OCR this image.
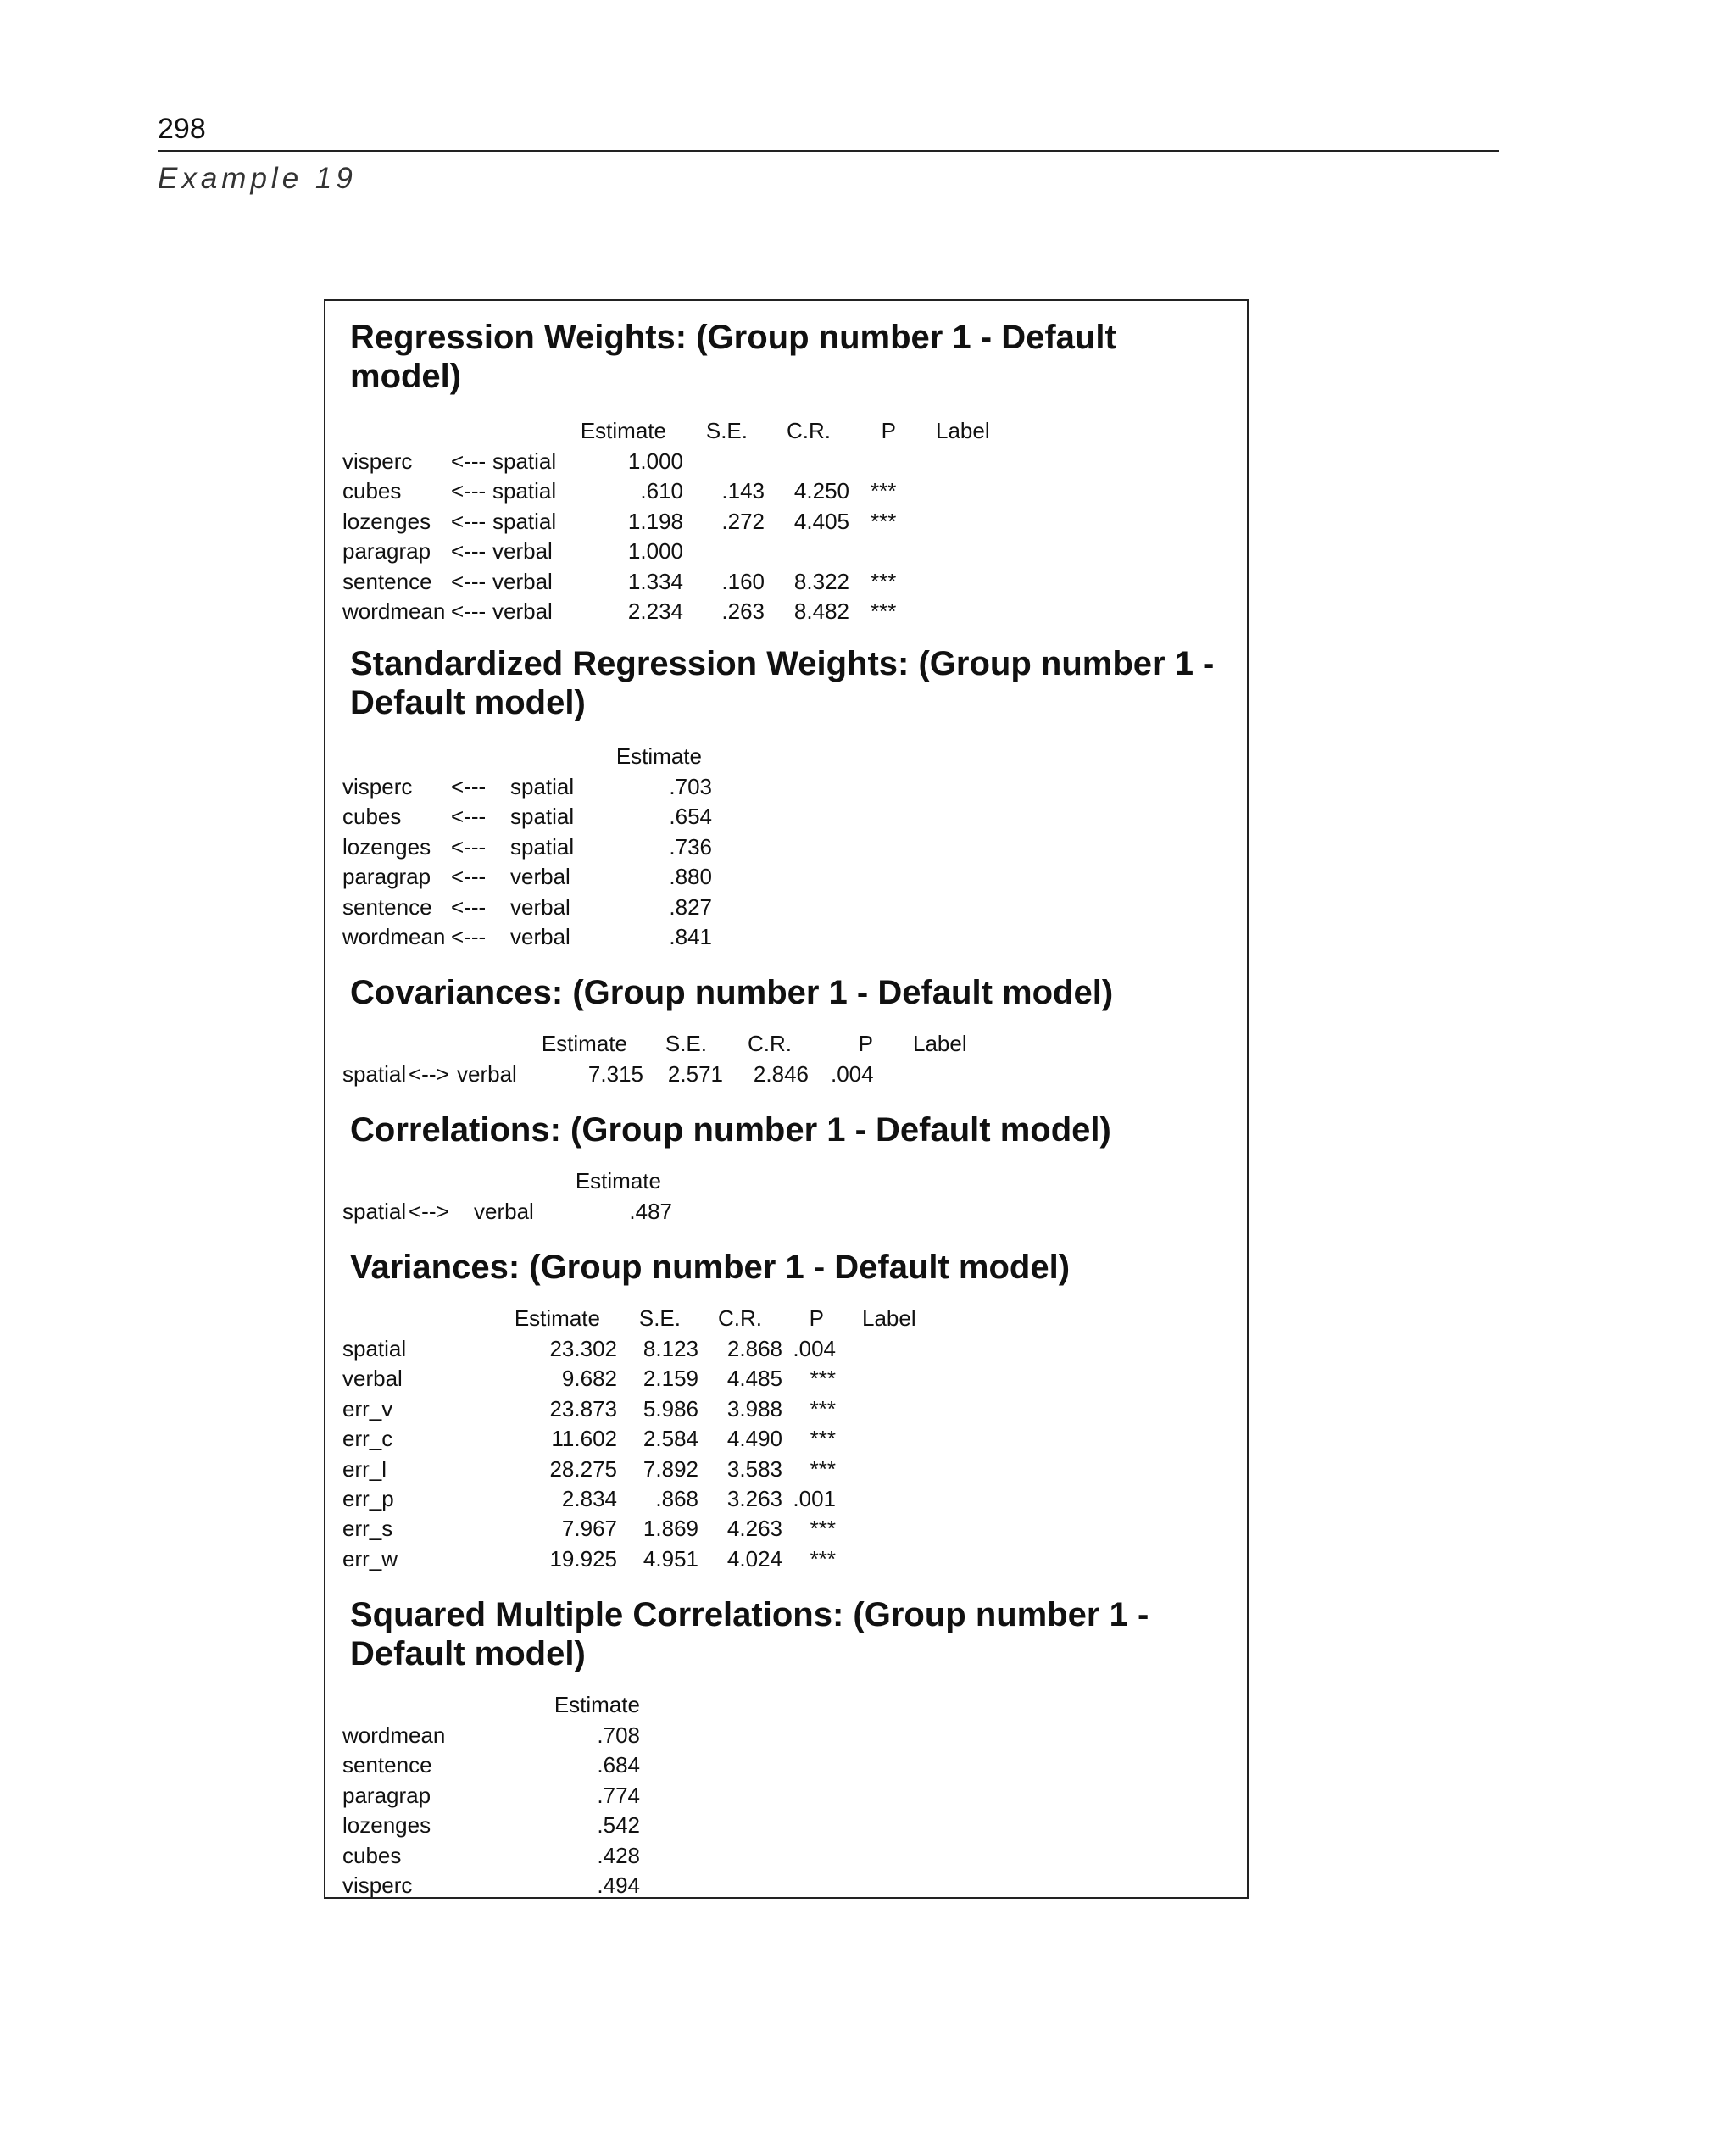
298
Example 19
Regression Weights: (Group number 1 - Default model)
Estimate	S.E.	C.R.	P Label
visperc <--- spatial	1.000
cubes <--- spatial	.610	.143	4.250 ***
lozenges <--- spatial	1.198	.272	4.405 ***
paragrap <--- verbal	1.000
sentence <--- verbal	1.334	.160	8.322 ***
wordmean <--- verbal	2.234	.263	8.482 ***
Standardized Regression Weights: (Group number 1 - Default model)
Estimate
visperc <--- spatial	.703
cubes <--- spatial	.654
lozenges <--- spatial	.736
paragrap <--- verbal	.880
sentence <--- verbal	.827
wordmean <--- verbal	.841
Covariances: (Group number 1 - Default model)
Estimate	S.E.	C.R.	P Label
spatial <--> verbal	7.315	2.571	2.846 .004
Correlations: (Group number 1 - Default model)
Estimate
spatial <--> verbal	.487
Variances: (Group number 1 - Default model)
Estimate	S.E.	C.R.	P Label
spatial	23.302	8.123	2.868 .004
verbal	9.682	2.159	4.485	***
err_v	23.873	5.986	3.988	***
err_c	11.602	2.584	4.490	***
err_l	28.275	7.892	3.583	***
err_p	2.834	.868	3.263 .001
err_s	7.967	1.869	4.263	***
err_w	19.925	4.951	4.024	***
Squared Multiple Correlations: (Group number 1 - Default model)
Estimate
wordmean	.708
sentence	.684
paragrap	.774
lozenges	.542
cubes	.428
visperc	.494
